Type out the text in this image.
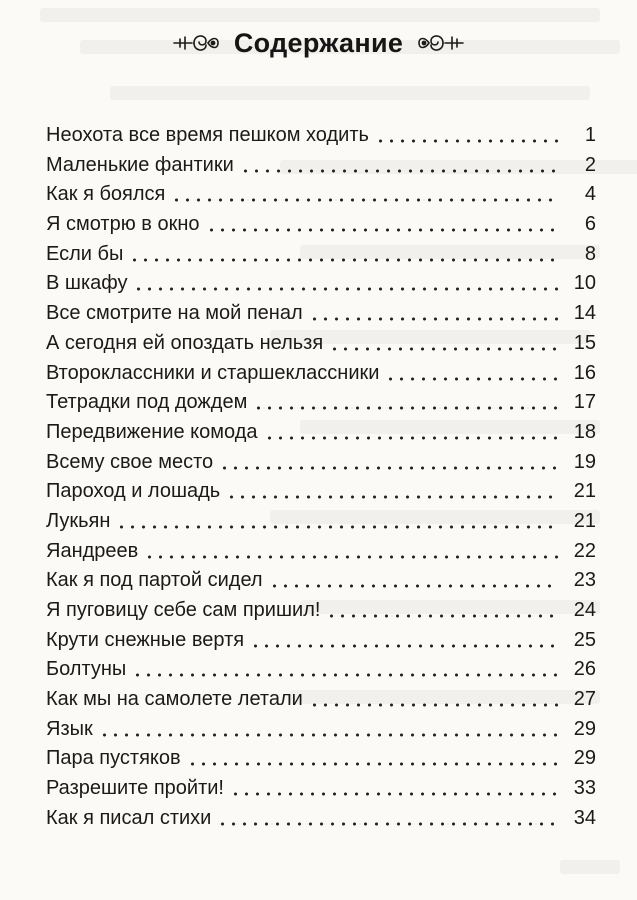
Содержание
Неохота все время пешком ходить	1
Маленькие фантики	2
Как я боялся	4
Я смотрю в окно	6
Если бы	8
В шкафу	10
Все смотрите на мой пенал	14
А сегодня ей опоздать нельзя	15
Второклассники и старшеклассники	16
Тетрадки под дождем	17
Передвижение комода	18
Всему свое место	19
Пароход и лошадь	21
Лукьян	21
Яандреев	22
Как я под партой сидел	23
Я пуговицу себе сам пришил!	24
Крути снежные вертя	25
Болтуны	26
Как мы на самолете летали	27
Язык	29
Пара пустяков	29
Разрешите пройти!	33
Как я писал стихи	34
